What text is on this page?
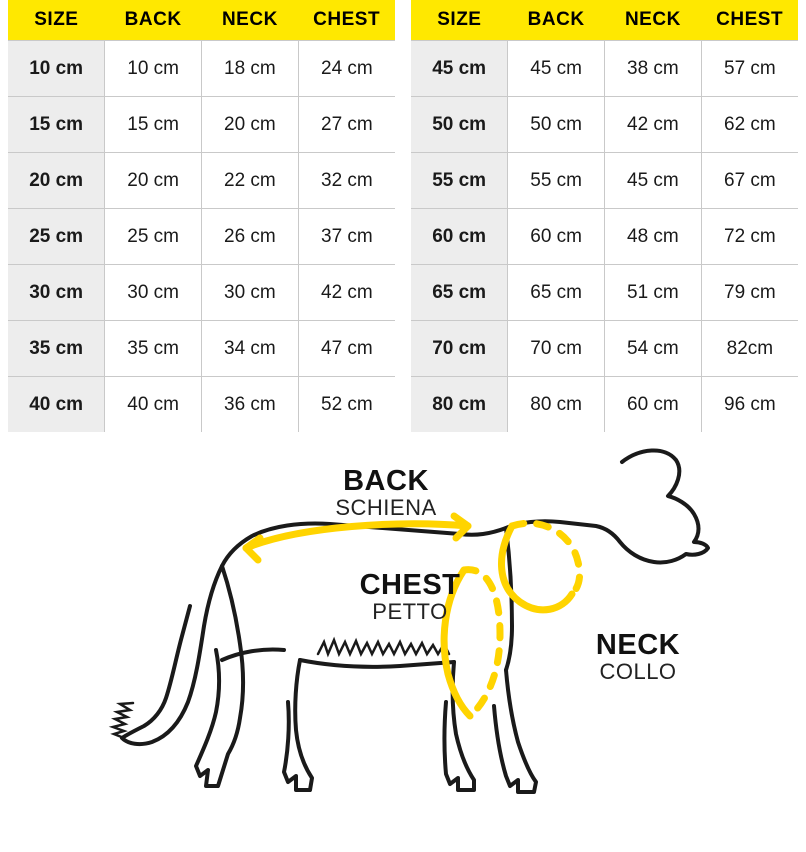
SIZE	BACK	NECK	CHEST
10 cm	10 cm	18 cm	24 cm
15 cm	15 cm	20 cm	27 cm
20 cm	20 cm	22 cm	32 cm
25 cm	25 cm	26 cm	37 cm
30 cm	30 cm	30 cm	42 cm
35 cm	35 cm	34 cm	47 cm
40 cm	40 cm	36 cm	52 cm
SIZE	BACK	NECK	CHEST
45 cm	45 cm	38 cm	57 cm
50 cm	50 cm	42 cm	62 cm
55 cm	55 cm	45 cm	67 cm
60 cm	60 cm	48 cm	72 cm
65 cm	65 cm	51 cm	79 cm
70 cm	70 cm	54 cm	82cm
80 cm	80 cm	60 cm	96 cm
BACK
SCHIENA
CHEST
PETTO
NECK
COLLO
